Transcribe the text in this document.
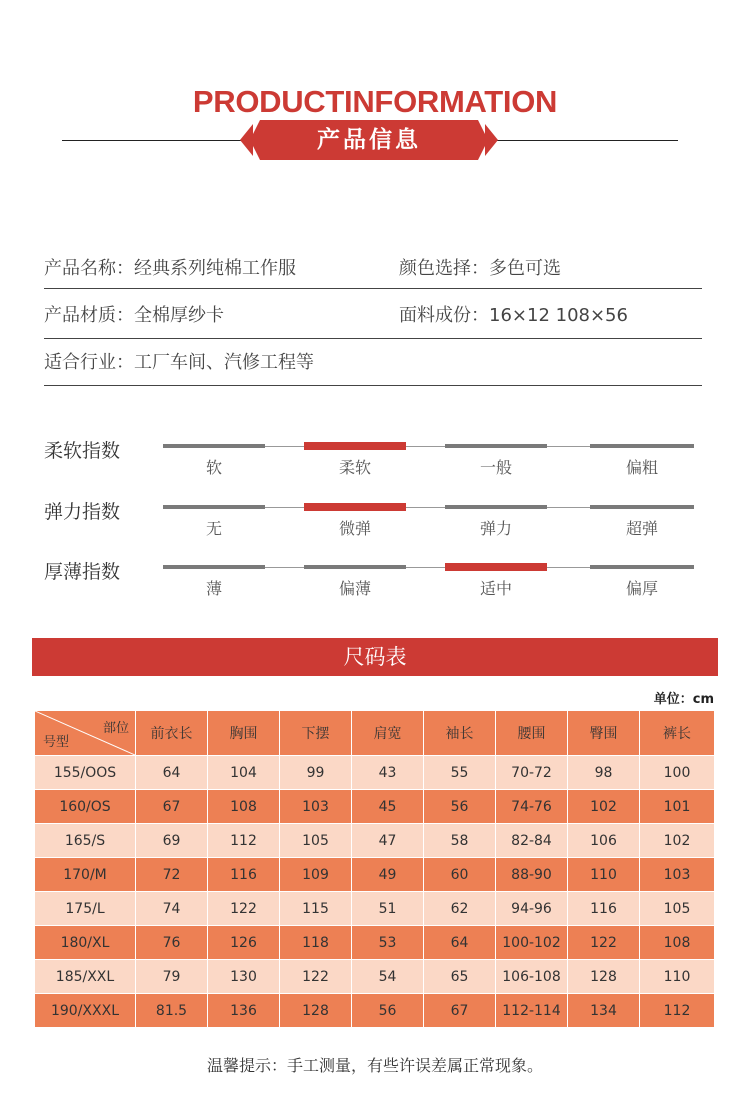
PRODUCTINFORMATION
产品信息
产品名称：经典系列纯棉工作服	颜色选择：多色可选
产品材质：全棉厚纱卡	面料成份：16×12 108×56
适合行业：工厂车间、汽修工程等
柔软指数
软	柔软	一般	偏粗
弹力指数
无	微弹	弹力	超弹
厚薄指数
薄	偏薄	适中	偏厚
尺码表
单位：cm
部位
号型	前衣长	胸围	下摆	肩宽	袖长	腰围	臀围	裤长
155/OOS	64	104	99	43	55	70-72	98	100
160/OS	67	108	103	45	56	74-76	102	101
165/S	69	112	105	47	58	82-84	106	102
170/M	72	116	109	49	60	88-90	110	103
175/L	74	122	115	51	62	94-96	116	105
180/XL	76	126	118	53	64	100-102	122	108
185/XXL	79	130	122	54	65	106-108	128	110
190/XXXL	81.5	136	128	56	67	112-114	134	112
温馨提示：手工测量，有些许误差属正常现象。
